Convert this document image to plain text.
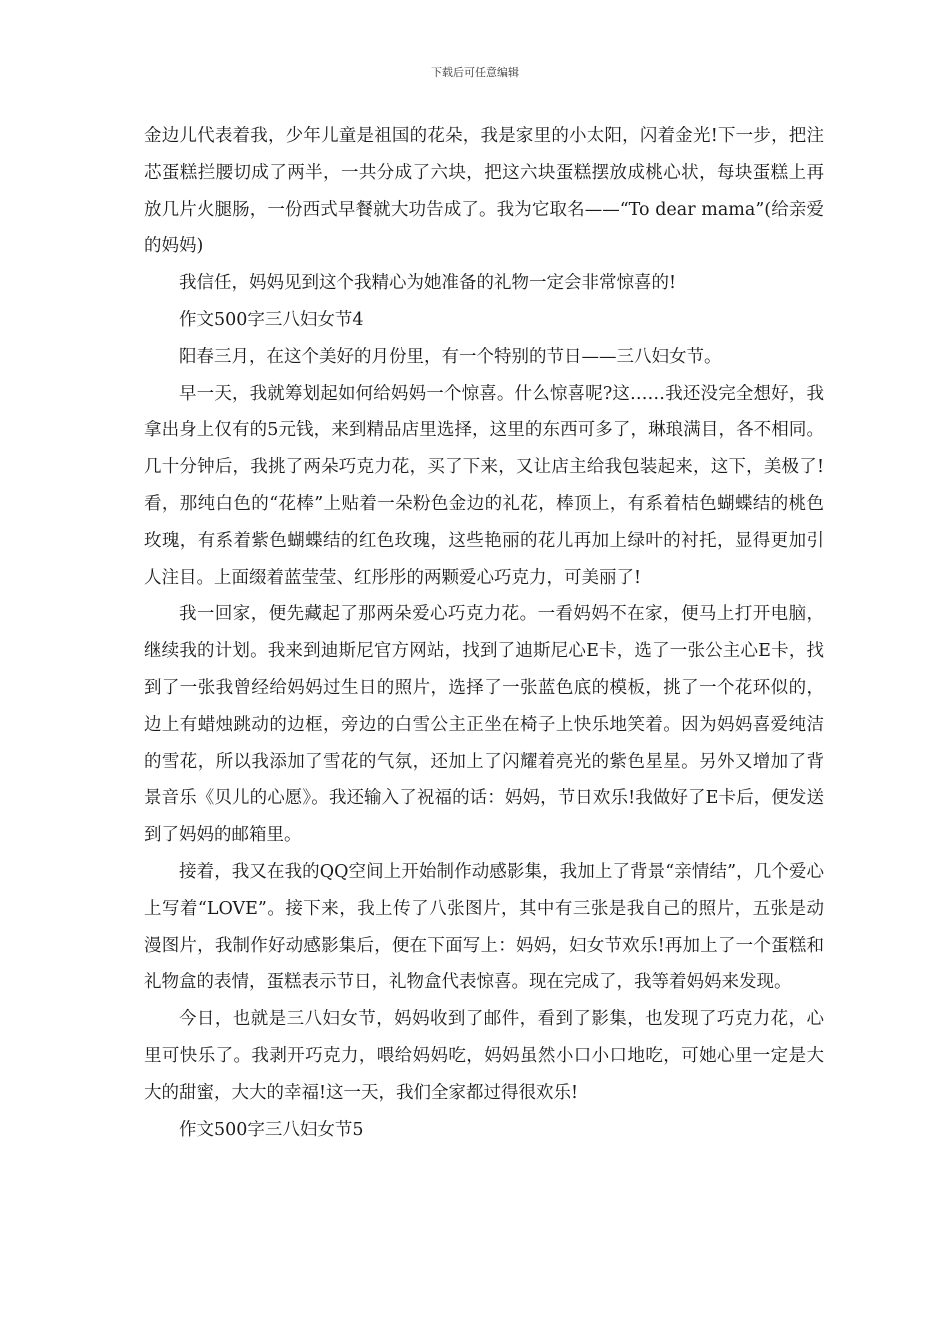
下载后可任意编辑

金边儿代表着我，少年儿童是祖国的花朵，我是家里的小太阳，闪着金光!下一步，把注芯蛋糕拦腰切成了两半，一共分成了六块，把这六块蛋糕摆放成桃心状，每块蛋糕上再放几片火腿肠，一份西式早餐就大功告成了。我为它取名——“To dear mama”(给亲爱的妈妈)

我信任，妈妈见到这个我精心为她准备的礼物一定会非常惊喜的!

作文500字三八妇女节4

阳春三月，在这个美好的月份里，有一个特别的节日——三八妇女节。

早一天，我就筹划起如何给妈妈一个惊喜。什么惊喜呢?这……我还没完全想好，我拿出身上仅有的5元钱，来到精品店里选择，这里的东西可多了，琳琅满目，各不相同。几十分钟后，我挑了两朵巧克力花，买了下来，又让店主给我包装起来，这下，美极了!看，那纯白色的“花棒”上贴着一朵粉色金边的礼花，棒顶上，有系着桔色蝴蝶结的桃色玫瑰，有系着紫色蝴蝶结的红色玫瑰，这些艳丽的花儿再加上绿叶的衬托，显得更加引人注目。上面缀着蓝莹莹、红彤彤的两颗爱心巧克力，可美丽了!

我一回家，便先藏起了那两朵爱心巧克力花。一看妈妈不在家，便马上打开电脑，继续我的计划。我来到迪斯尼官方网站，找到了迪斯尼心E卡，选了一张公主心E卡，找到了一张我曾经给妈妈过生日的照片，选择了一张蓝色底的模板，挑了一个花环似的，边上有蜡烛跳动的边框，旁边的白雪公主正坐在椅子上快乐地笑着。因为妈妈喜爱纯洁的雪花，所以我添加了雪花的气氛，还加上了闪耀着亮光的紫色星星。另外又增加了背景音乐《贝儿的心愿》。我还输入了祝福的话：妈妈，节日欢乐!我做好了E卡后，便发送到了妈妈的邮箱里。

接着，我又在我的QQ空间上开始制作动感影集，我加上了背景“亲情结”，几个爱心上写着“LOVE”。接下来，我上传了八张图片，其中有三张是我自己的照片，五张是动漫图片，我制作好动感影集后，便在下面写上：妈妈，妇女节欢乐!再加上了一个蛋糕和礼物盒的表情，蛋糕表示节日，礼物盒代表惊喜。现在完成了，我等着妈妈来发现。

今日，也就是三八妇女节，妈妈收到了邮件，看到了影集，也发现了巧克力花，心里可快乐了。我剥开巧克力，喂给妈妈吃，妈妈虽然小口小口地吃，可她心里一定是大大的甜蜜，大大的幸福!这一天，我们全家都过得很欢乐!

作文500字三八妇女节5
